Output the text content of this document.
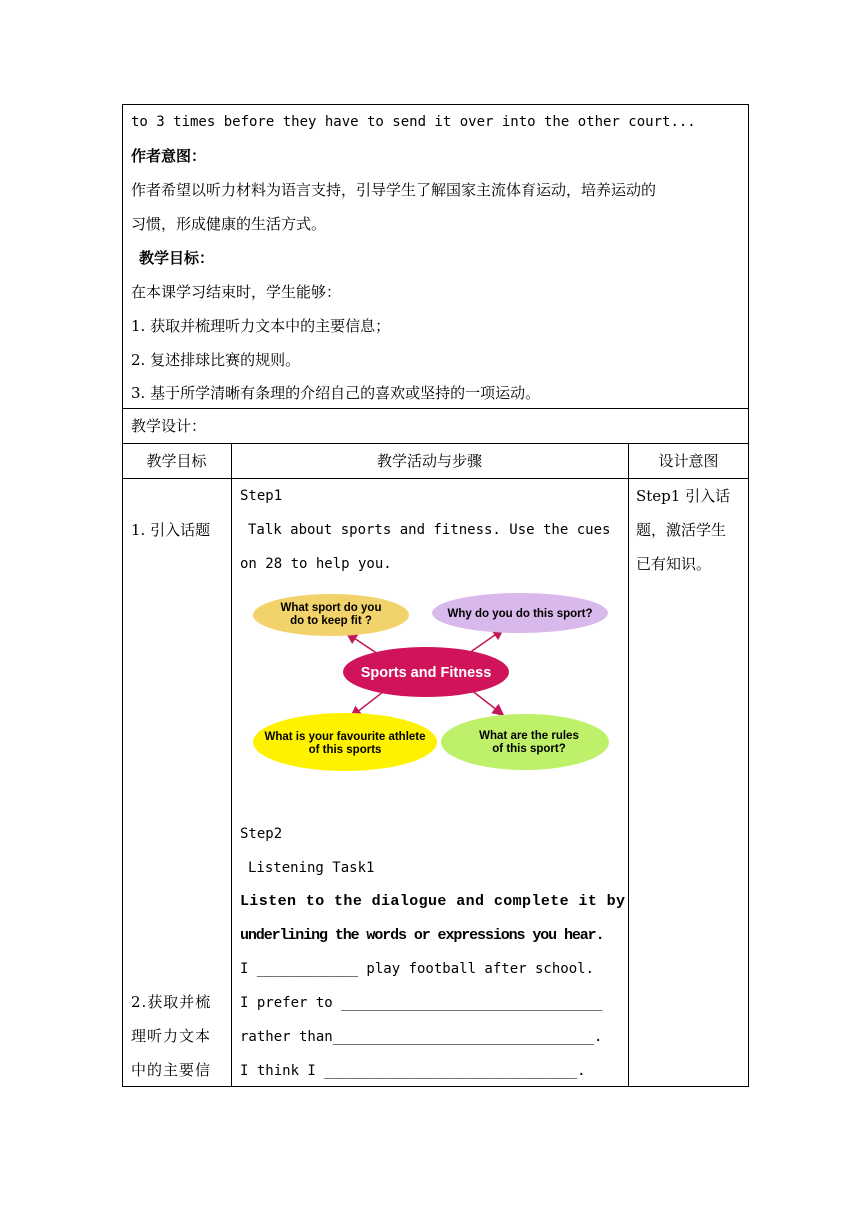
to 3 times before they have to send it over into the other court...
作者意图：
作者希望以听力材料为语言支持，引导学生了解国家主流体育运动，培养运动的
习惯，形成健康的生活方式。
教学目标：
在本课学习结束时，学生能够：
1. 获取并梳理听力文本中的主要信息；
2. 复述排球比赛的规则。
3. 基于所学清晰有条理的介绍自己的喜欢或坚持的一项运动。
教学设计：
教学目标	教学活动与步骤	设计意图
1. 引入话题
2.获取并梳
理听力文本
中的主要信
Step1
Talk about sports and fitness. Use the cues
on 28 to help you.
What sport do you
do to keep fit ?
Why do you do this sport?
What is your favourite athlete
of this sports
What are the rules
of this sport?
Sports and Fitness
Step2
Listening Task1
Listen to the dialogue and complete it by
underlining the words or expressions you hear.
I ____________ play football after school.
I prefer to _______________________________
rather than_______________________________.
I think I ______________________________.
Step1 引入话
题，激活学生
已有知识。
